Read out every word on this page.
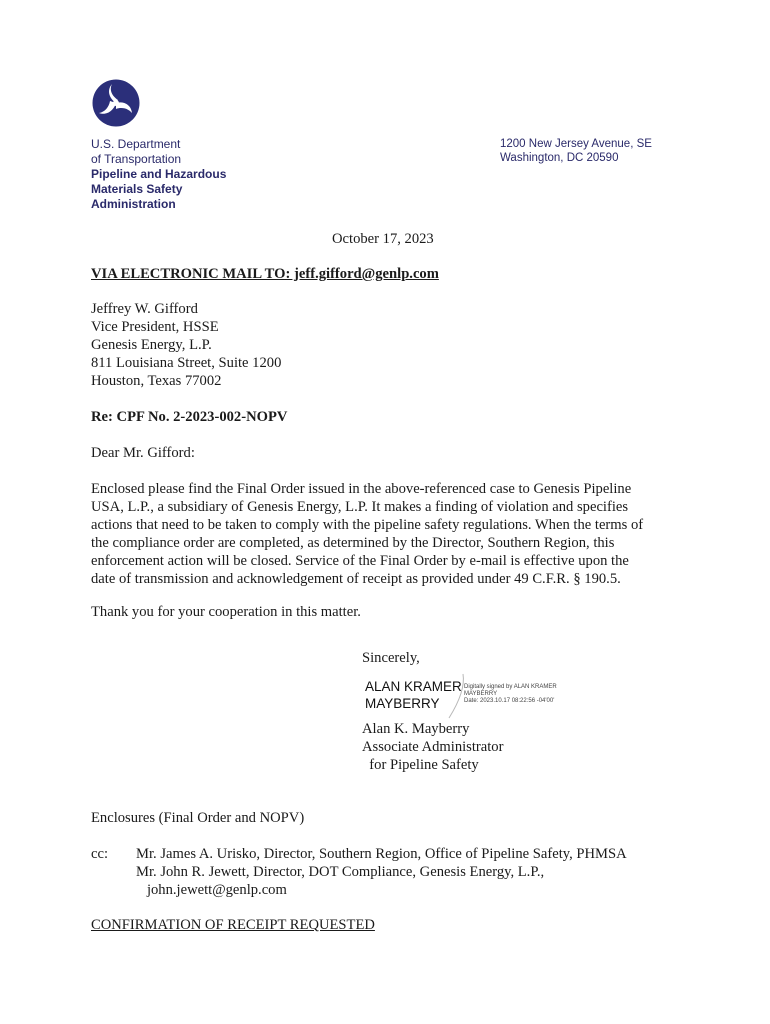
U.S. Department
of Transportation
Pipeline and Hazardous
Materials Safety
Administration
1200 New Jersey Avenue, SE
Washington, DC 20590
October 17, 2023
VIA ELECTRONIC MAIL TO: jeff.gifford@genlp.com
Jeffrey W. Gifford
Vice President, HSSE
Genesis Energy, L.P.
811 Louisiana Street, Suite 1200
Houston, Texas 77002
Re: CPF No. 2-2023-002-NOPV
Dear Mr. Gifford:
Enclosed please find the Final Order issued in the above-referenced case to Genesis Pipeline
USA, L.P., a subsidiary of Genesis Energy, L.P. It makes a finding of violation and specifies
actions that need to be taken to comply with the pipeline safety regulations. When the terms of
the compliance order are completed, as determined by the Director, Southern Region, this
enforcement action will be closed. Service of the Final Order by e-mail is effective upon the
date of transmission and acknowledgement of receipt as provided under 49 C.F.R. § 190.5.
Thank you for your cooperation in this matter.
Sincerely,
ALAN KRAMER
MAYBERRY
Digitally signed by ALAN KRAMER
MAYBERRY
Date: 2023.10.17 08:22:56 -04'00'
Alan K. Mayberry
Associate Administrator
for Pipeline Safety
Enclosures (Final Order and NOPV)
cc: Mr. James A. Urisko, Director, Southern Region, Office of Pipeline Safety, PHMSA
Mr. John R. Jewett, Director, DOT Compliance, Genesis Energy, L.P.,
john.jewett@genlp.com
CONFIRMATION OF RECEIPT REQUESTED
